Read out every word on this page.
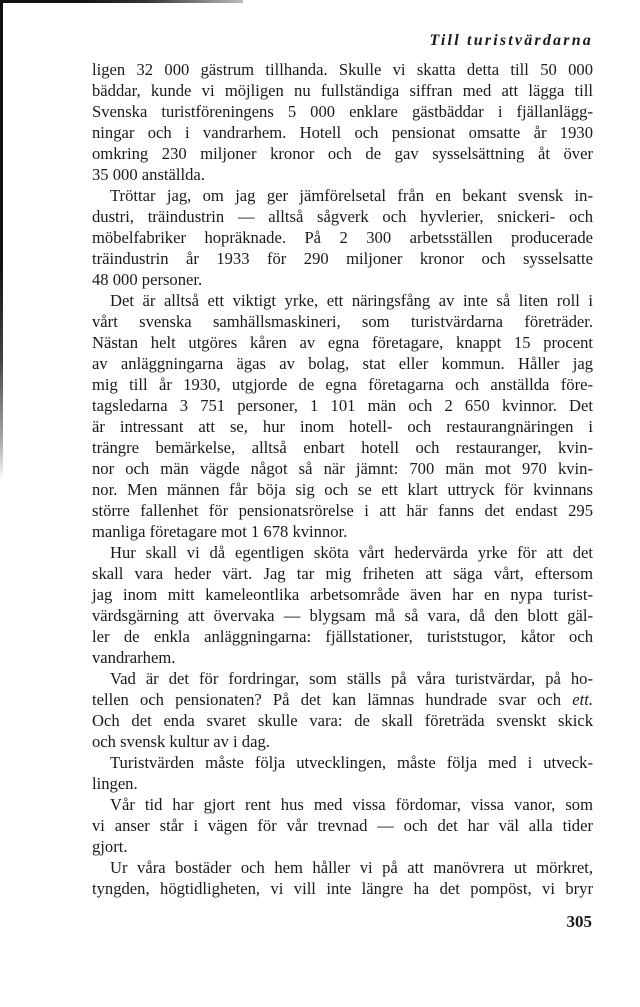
Till turistvärdarna
ligen 32 000 gästrum tillhanda. Skulle vi skatta detta till 50 000
bäddar, kunde vi möjligen nu fullständiga siffran med att lägga till
Svenska turistföreningens 5 000 enklare gästbäddar i fjällanlägg-
ningar och i vandrarhem. Hotell och pensionat omsatte år 1930
omkring 230 miljoner kronor och de gav sysselsättning åt över
35 000 anställda.
Tröttar jag, om jag ger jämförelsetal från en bekant svensk in-
dustri, träindustrin — alltså sågverk och hyvlerier, snickeri- och
möbelfabriker hopräknade. På 2 300 arbetsställen producerade
träindustrin år 1933 för 290 miljoner kronor och sysselsatte
48 000 personer.
Det är alltså ett viktigt yrke, ett näringsfång av inte så liten roll i
vårt svenska samhällsmaskineri, som turistvärdarna företräder.
Nästan helt utgöres kåren av egna företagare, knappt 15 procent
av anläggningarna ägas av bolag, stat eller kommun. Håller jag
mig till år 1930, utgjorde de egna företagarna och anställda före-
tagsledarna 3 751 personer, 1 101 män och 2 650 kvinnor. Det
är intressant att se, hur inom hotell- och restaurangnäringen i
trängre bemärkelse, alltså enbart hotell och restauranger, kvin-
nor och män vägde något så när jämnt: 700 män mot 970 kvin-
nor. Men männen får böja sig och se ett klart uttryck för kvinnans
större fallenhet för pensionatsrörelse i att här fanns det endast 295
manliga företagare mot 1 678 kvinnor.
Hur skall vi då egentligen sköta vårt hedervärda yrke för att det
skall vara heder värt. Jag tar mig friheten att säga vårt, eftersom
jag inom mitt kameleontlika arbetsområde även har en nypa turist-
värdsgärning att övervaka — blygsam må så vara, då den blott gäl-
ler de enkla anläggningarna: fjällstationer, turiststugor, kåtor och
vandrarhem.
Vad är det för fordringar, som ställs på våra turistvärdar, på ho-
tellen och pensionaten? På det kan lämnas hundrade svar och ett.
Och det enda svaret skulle vara: de skall företräda svenskt skick
och svensk kultur av i dag.
Turistvärden måste följa utvecklingen, måste följa med i utveck-
lingen.
Vår tid har gjort rent hus med vissa fördomar, vissa vanor, som
vi anser står i vägen för vår trevnad — och det har väl alla tider
gjort.
Ur våra bostäder och hem håller vi på att manövrera ut mörkret,
tyngden, högtidligheten, vi vill inte längre ha det pompöst, vi bryr
305
